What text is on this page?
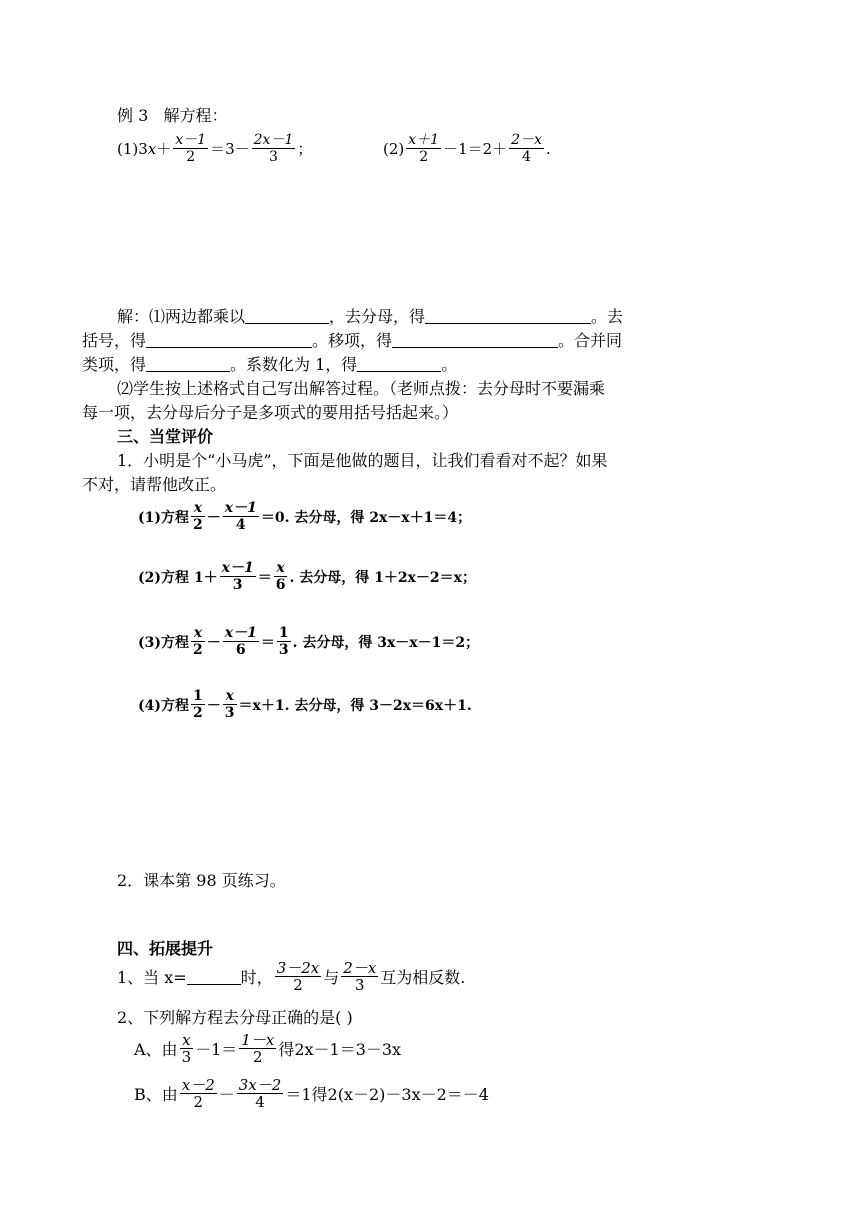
例 3 解方程：
(1)3 $x + \frac{x-1}{2} =3- \frac{2x-1}{3}$ ；	$(2) \frac{x+1}{2} -1=2+ \frac{2-x}{4}$ .
解：⑴两边都乘以	，去分母，得	。去
括号，得	。移项，得	。合并同
类项，得	。系数化为 1，得	。
⑵学生按上述格式自己写出解答过程。（老师点拨：去分母时不要漏乘
每一项，去分母后分子是多项式的要用括号括起来。）
三、当堂评价
1．小明是个“小马虎”，下面是他做的题目，让我们看看对不起？如果
不对，请帮他改正。
(1)方程 $\frac{x}{2} - \frac{x-1}{4} =0$. 去分母，得 2x－x＋1＝4；
(2)方程 $1+ \frac{x-1}{3} = \frac{x}{6}$ . 去分母，得 1＋2x－2＝x；
(3)方程 $\frac{x}{2} - \frac{x-1}{6} = \frac{1}{3}$ . 去分母，得 3x－x－1＝2；
(4)方程 $\frac{1}{2} - \frac{x}{3} =x+1$. 去分母，得 3－2x＝6x＋1.
2．课本第 98 页练习。
四、拓展提升
1、当 x=	时， $\frac{3-2x}{2}$ 与 $\frac{2-x}{3}$ 互为相反数.
2、下列解方程去分母正确的是( )
A、由 $\frac{x}{3} -1= \frac{1-x}{2}$ 得2x－1＝3－3x
B、由 $\frac{x-2}{2} - \frac{3x-2}{4} =1$得2(x－2)－3x－2＝－4
